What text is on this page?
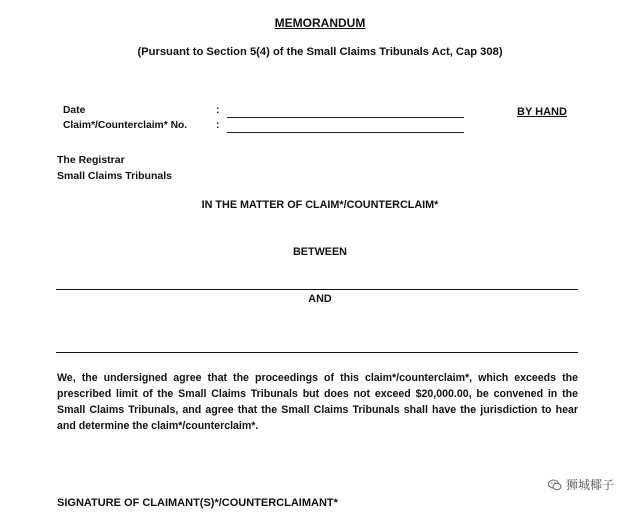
MEMORANDUM
(Pursuant to Section 5(4) of the Small Claims Tribunals Act, Cap 308)
Date	:
Claim*/Counterclaim* No.	:
BY HAND
The Registrar
Small Claims Tribunals
IN THE MATTER OF CLAIM*/COUNTERCLAIM*
BETWEEN
AND
We, the undersigned agree that the proceedings of this claim*/counterclaim*, which exceeds the prescribed limit of the Small Claims Tribunals but does not exceed $20,000.00, be convened in the Small Claims Tribunals, and agree that the Small Claims Tribunals shall have the jurisdiction to hear and determine the claim*/counterclaim*.
SIGNATURE OF CLAIMANT(S)*/COUNTERCLAIMANT*
狮城椰子
